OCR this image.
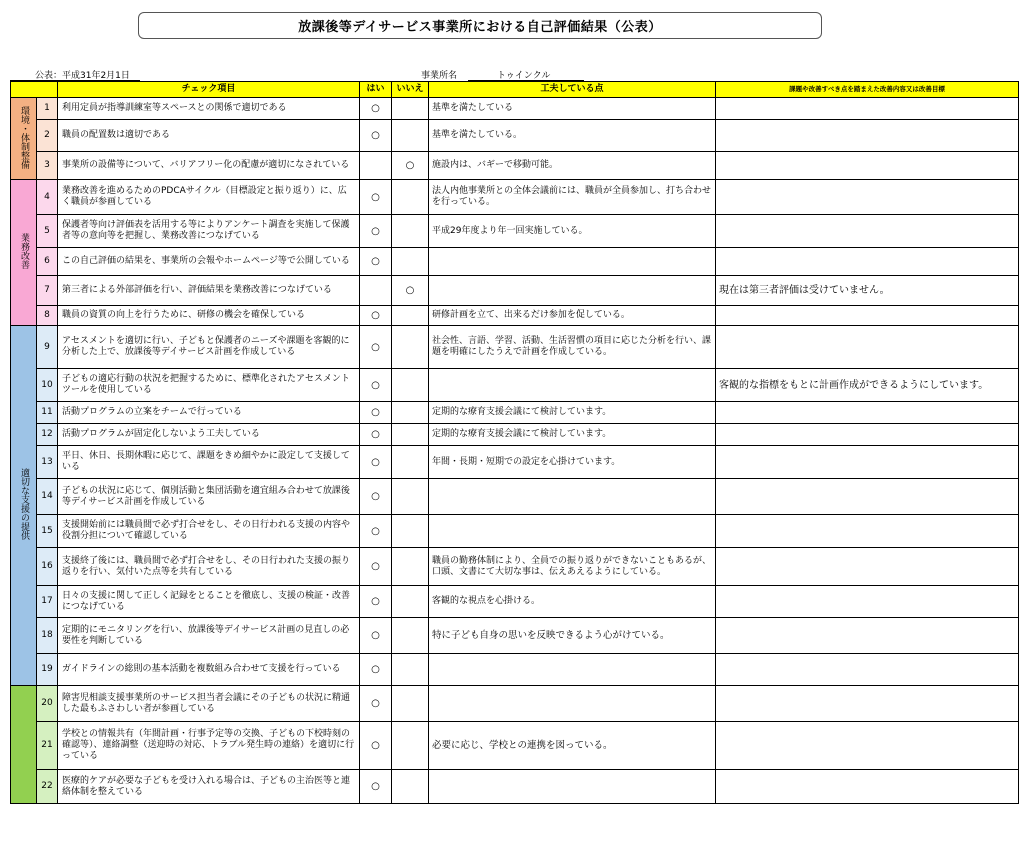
放課後等デイサービス事業所における自己評価結果（公表）
公表：平成31年2月1日	事業所名	トゥインクル
		チェック項目	はい	いいえ	工夫している点	課題や改善すべき点を踏まえた改善内容又は改善目標
環境・体制整備	1	利用定員が指導訓練室等スペースとの関係で適切である	○		基準を満たしている	
	2	職員の配置数は適切である	○		基準を満たしている。	
	3	事業所の設備等について、バリアフリー化の配慮が適切になされている		○	施設内は、バギーで移動可能。	
業務改善	4	業務改善を進めるためのPDCAサイクル（目標設定と振り返り）に、広く職員が参画している	○		法人内他事業所との全体会議前には、職員が全員参加し、打ち合わせを行っている。	
	5	保護者等向け評価表を活用する等によりアンケート調査を実施して保護者等の意向等を把握し、業務改善につなげている	○		平成29年度より年一回実施している。	
	6	この自己評価の結果を、事業所の会報やホームページ等で公開している	○			
	7	第三者による外部評価を行い、評価結果を業務改善につなげている		○		現在は第三者評価は受けていません。
	8	職員の資質の向上を行うために、研修の機会を確保している	○		研修計画を立て、出来るだけ参加を促している。	
適切な支援の提供	9	アセスメントを適切に行い、子どもと保護者のニーズや課題を客観的に分析した上で、放課後等デイサービス計画を作成している	○		社会性、言語、学習、活動、生活習慣の項目に応じた分析を行い、課題を明確にしたうえで計画を作成している。	
	10	子どもの適応行動の状況を把握するために、標準化されたアセスメントツールを使用している	○			客観的な指標をもとに計画作成ができるようにしています。
	11	活動プログラムの立案をチームで行っている	○		定期的な療育支援会議にて検討しています。	
	12	活動プログラムが固定化しないよう工夫している	○		定期的な療育支援会議にて検討しています。	
	13	平日、休日、長期休暇に応じて、課題をきめ細やかに設定して支援している	○		年間・長期・短期での設定を心掛けています。	
	14	子どもの状況に応じて、個別活動と集団活動を適宜組み合わせて放課後等デイサービス計画を作成している	○			
	15	支援開始前には職員間で必ず打合せをし、その日行われる支援の内容や役割分担について確認している	○			
	16	支援終了後には、職員間で必ず打合せをし、その日行われた支援の振り返りを行い、気付いた点等を共有している	○		職員の勤務体制により、全員での振り返りができないこともあるが、口頭、文書にて大切な事は、伝えあえるようにしている。	
	17	日々の支援に関して正しく記録をとることを徹底し、支援の検証・改善につなげている	○		客観的な視点を心掛ける。	
	18	定期的にモニタリングを行い、放課後等デイサービス計画の見直しの必要性を判断している	○		特に子ども自身の思いを反映できるよう心がけている。	
	19	ガイドラインの総則の基本活動を複数組み合わせて支援を行っている	○			
	20	障害児相談支援事業所のサービス担当者会議にその子どもの状況に精通した最もふさわしい者が参画している	○			
	21	学校との情報共有（年間計画・行事予定等の交換、子どもの下校時刻の確認等）、連絡調整（送迎時の対応、トラブル発生時の連絡）を適切に行っている	○		必要に応じ、学校との連携を図っている。	
	22	医療的ケアが必要な子どもを受け入れる場合は、子どもの主治医等と連絡体制を整えている	○			
